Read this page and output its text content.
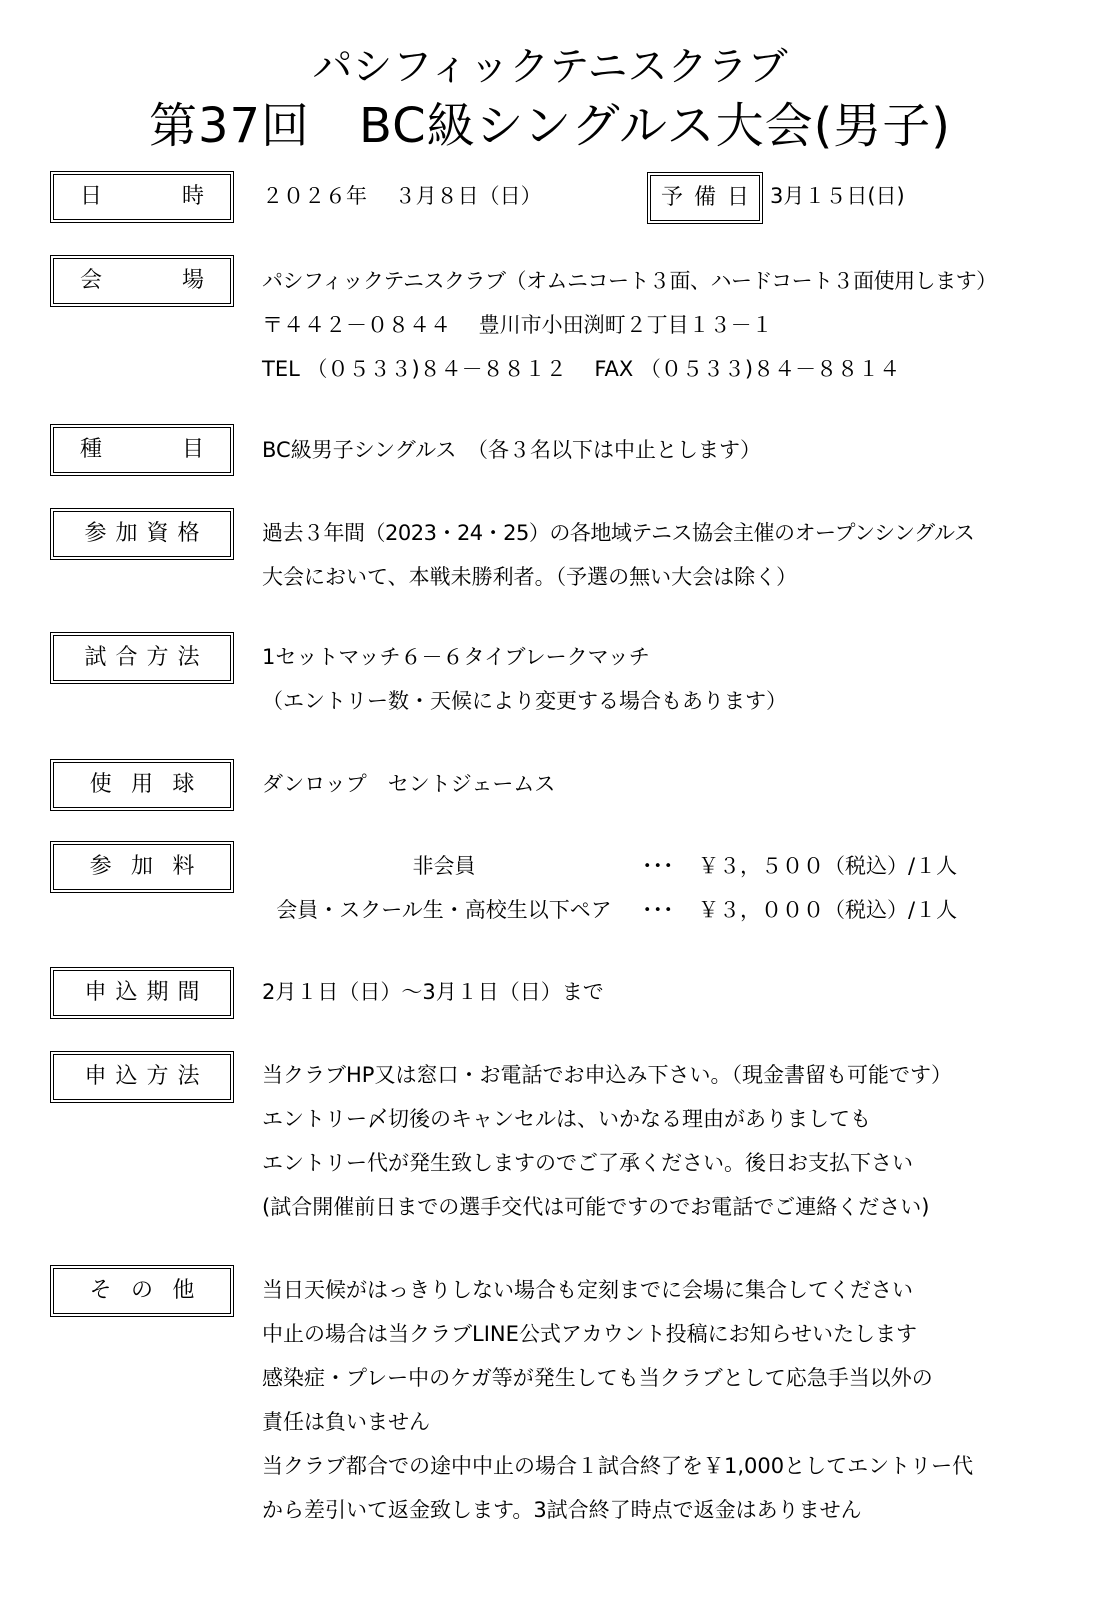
パシフィックテニスクラブ
第37回　BC級シングルス大会(男子)
日	時	２０２６年　 ３月８日（日）	予 備 日 3月１５日(日)
会	場	パシフィックテニスクラブ（オムニコート３面、ハードコート３面使用します）
〒４４２－０８４４　 豊川市小田渕町２丁目１３－１
TEL （０５３３)８４－８８１２　 FAX （０５３３)８４－８８１４
種	目	BC級男子シングルス　（各３名以下は中止とします）
参 加 資 格	過去３年間（2023・24・25）の各地域テニス協会主催のオープンシングルス
大会において、本戦未勝利者。（予選の無い大会は除く）
試 合 方 法	1セットマッチ６－６タイブレークマッチ
（エントリー数・天候により変更する場合もあります）
使 用 球	ダンロップ　セントジェームス
参 加 料	非会員	･･･ ￥３，５００（税込）/１人
会員・スクール生・高校生以下ペア	･･･ ￥３，０００（税込）/１人
申 込 期 間	2月１日（日）～3月１日（日）まで
申 込 方 法	当クラブHP又は窓口・お電話でお申込み下さい。（現金書留も可能です）
エントリー〆切後のキャンセルは、いかなる理由がありましても
エントリー代が発生致しますのでご了承ください。後日お支払下さい
(試合開催前日までの選手交代は可能ですのでお電話でご連絡ください)
そ の 他	当日天候がはっきりしない場合も定刻までに会場に集合してください
中止の場合は当クラブLINE公式アカウント投稿にお知らせいたします
感染症・プレー中のケガ等が発生しても当クラブとして応急手当以外の
責任は負いません
当クラブ都合での途中中止の場合１試合終了を￥1,000としてエントリー代
から差引いて返金致します。3試合終了時点で返金はありません
